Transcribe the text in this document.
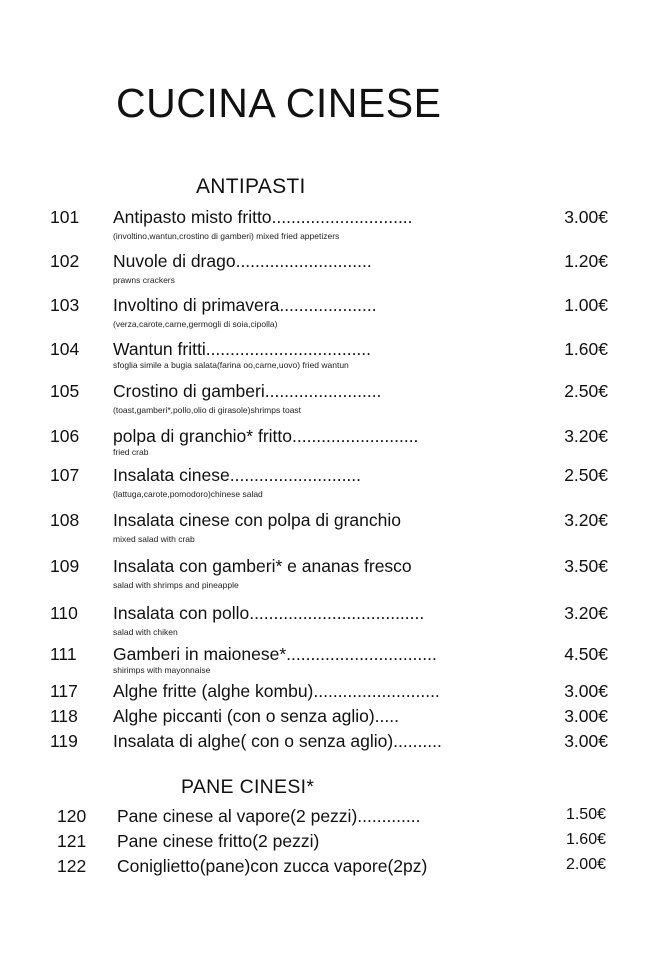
CUCINA CINESE
ANTIPASTI
101 Antipasto misto fritto.............................	3.00€
(involtino,wantun,crostino di gamberi) mixed fried appetizers
102 Nuvole di drago............................	1.20€
prawns crackers
103 Involtino di primavera....................	1.00€
(verza,carote,carne,germogli di soia,cipolla)
104 Wantun fritti..................................	1.60€
sfoglia simile a bugia salata(farina oo,carne,uovo) fried wantun
105 Crostino di gamberi........................	2.50€
(toast,gamberi*,pollo,olio di girasole)shrimps toast
106 polpa di granchio* fritto..........................	3.20€
fried crab
107 Insalata cinese...........................	2.50€
(lattuga,carote,pomodoro)chinese salad
108 Insalata cinese con polpa di granchio	3.20€
mixed salad with crab
109 Insalata con gamberi* e ananas fresco	3.50€
salad with shrimps and pineapple
110 Insalata con pollo....................................	3.20€
salad with chiken
111 Gamberi in maionese*...............................	4.50€
shirimps with mayonnaise
117 Alghe fritte (alghe kombu)..........................	3.00€
118 Alghe piccanti (con o senza aglio).....	3.00€
119 Insalata di alghe( con o senza aglio)..........	3.00€
PANE CINESI*
120 Pane cinese al vapore(2 pezzi).............	1.50€
121 Pane cinese fritto(2 pezzi)	1.60€
122 Coniglietto(pane)con zucca vapore(2pz)	2.00€
